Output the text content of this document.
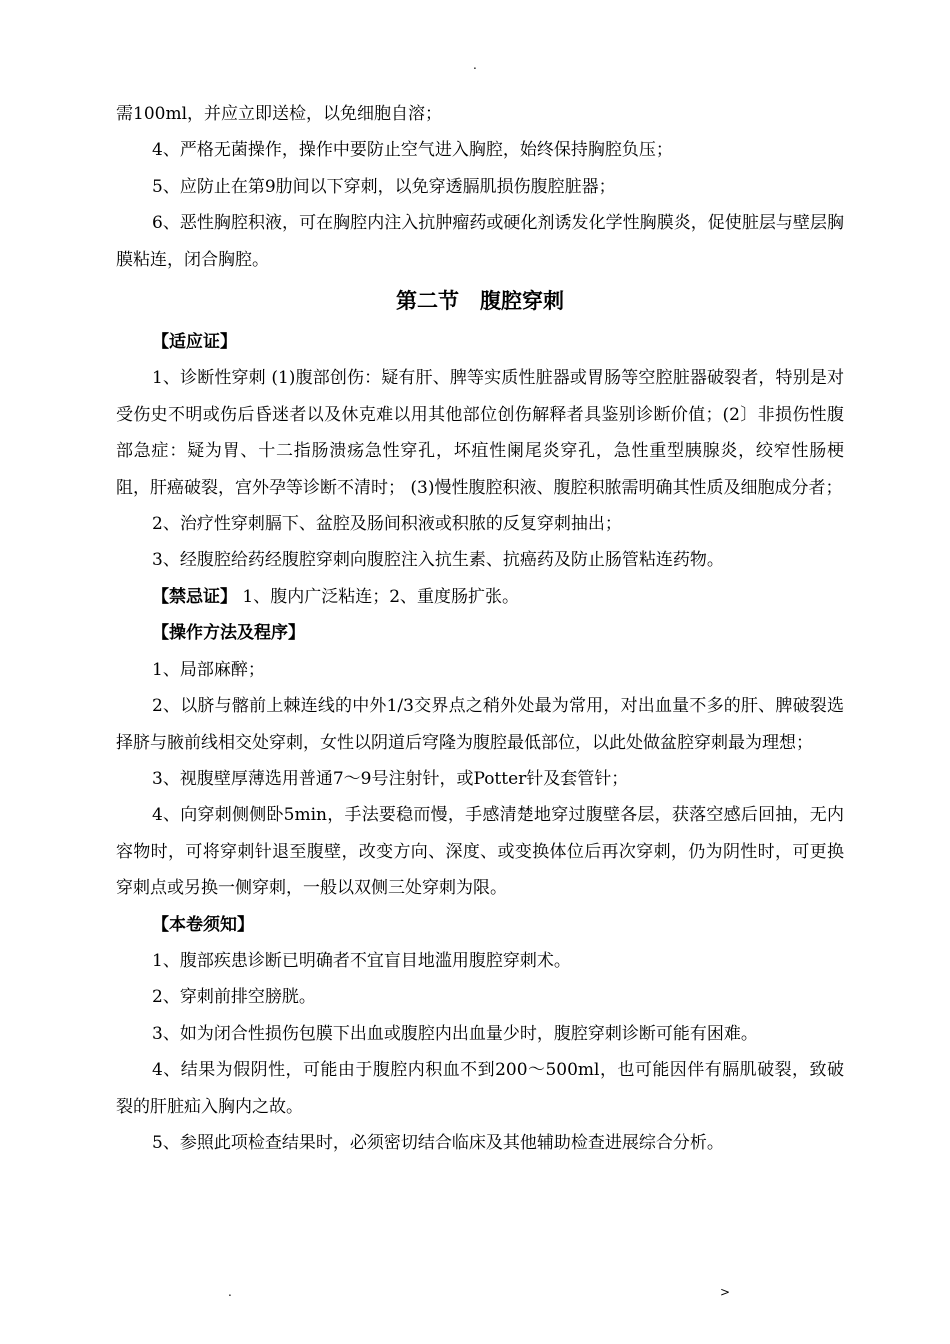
.

需100ml，并应立即送检，以免细胞自溶；

4、严格无菌操作，操作中要防止空气进入胸腔，始终保持胸腔负压；

5、应防止在第9肋间以下穿刺，以免穿透膈肌损伤腹腔脏器；

6、恶性胸腔积液，可在胸腔内注入抗肿瘤药或硬化剂诱发化学性胸膜炎，促使脏层与壁层胸膜粘连，闭合胸腔。

第二节　腹腔穿刺

【适应证】

1、诊断性穿刺 (1)腹部创伤：疑有肝、脾等实质性脏器或胃肠等空腔脏器破裂者，特别是对受伤史不明或伤后昏迷者以及休克难以用其他部位创伤解释者具鉴别诊断价值；(2〕非损伤性腹部急症：疑为胃、十二指肠溃疡急性穿孔，坏疽性阑尾炎穿孔，急性重型胰腺炎，绞窄性肠梗阻，肝癌破裂，宫外孕等诊断不清时； (3)慢性腹腔积液、腹腔积脓需明确其性质及细胞成分者；

2、治疗性穿刺膈下、盆腔及肠间积液或积脓的反复穿刺抽出；

3、经腹腔给药经腹腔穿刺向腹腔注入抗生素、抗癌药及防止肠管粘连药物。

【禁忌证】 1、腹内广泛粘连；2、重度肠扩张。

【操作方法及程序】

1、局部麻醉；

2、以脐与髂前上棘连线的中外1/3交界点之稍外处最为常用，对出血量不多的肝、脾破裂选择脐与腋前线相交处穿刺，女性以阴道后穹隆为腹腔最低部位，以此处做盆腔穿刺最为理想；

3、视腹壁厚薄选用普通7～9号注射针，或Potter针及套管针；

4、向穿刺侧侧卧5min，手法要稳而慢，手感清楚地穿过腹壁各层，获落空感后回抽，无内容物时，可将穿刺针退至腹壁，改变方向、深度、或变换体位后再次穿刺，仍为阴性时，可更换穿刺点或另换一侧穿刺，一般以双侧三处穿刺为限。

【本卷须知】

1、腹部疾患诊断已明确者不宜盲目地滥用腹腔穿刺术。

2、穿刺前排空膀胱。

3、如为闭合性损伤包膜下出血或腹腔内出血量少时，腹腔穿刺诊断可能有困难。

4、结果为假阴性，可能由于腹腔内积血不到200～500ml，也可能因伴有膈肌破裂，致破裂的肝脏疝入胸内之故。

5、参照此项检查结果时，必须密切结合临床及其他辅助检查进展综合分析。

.	>
